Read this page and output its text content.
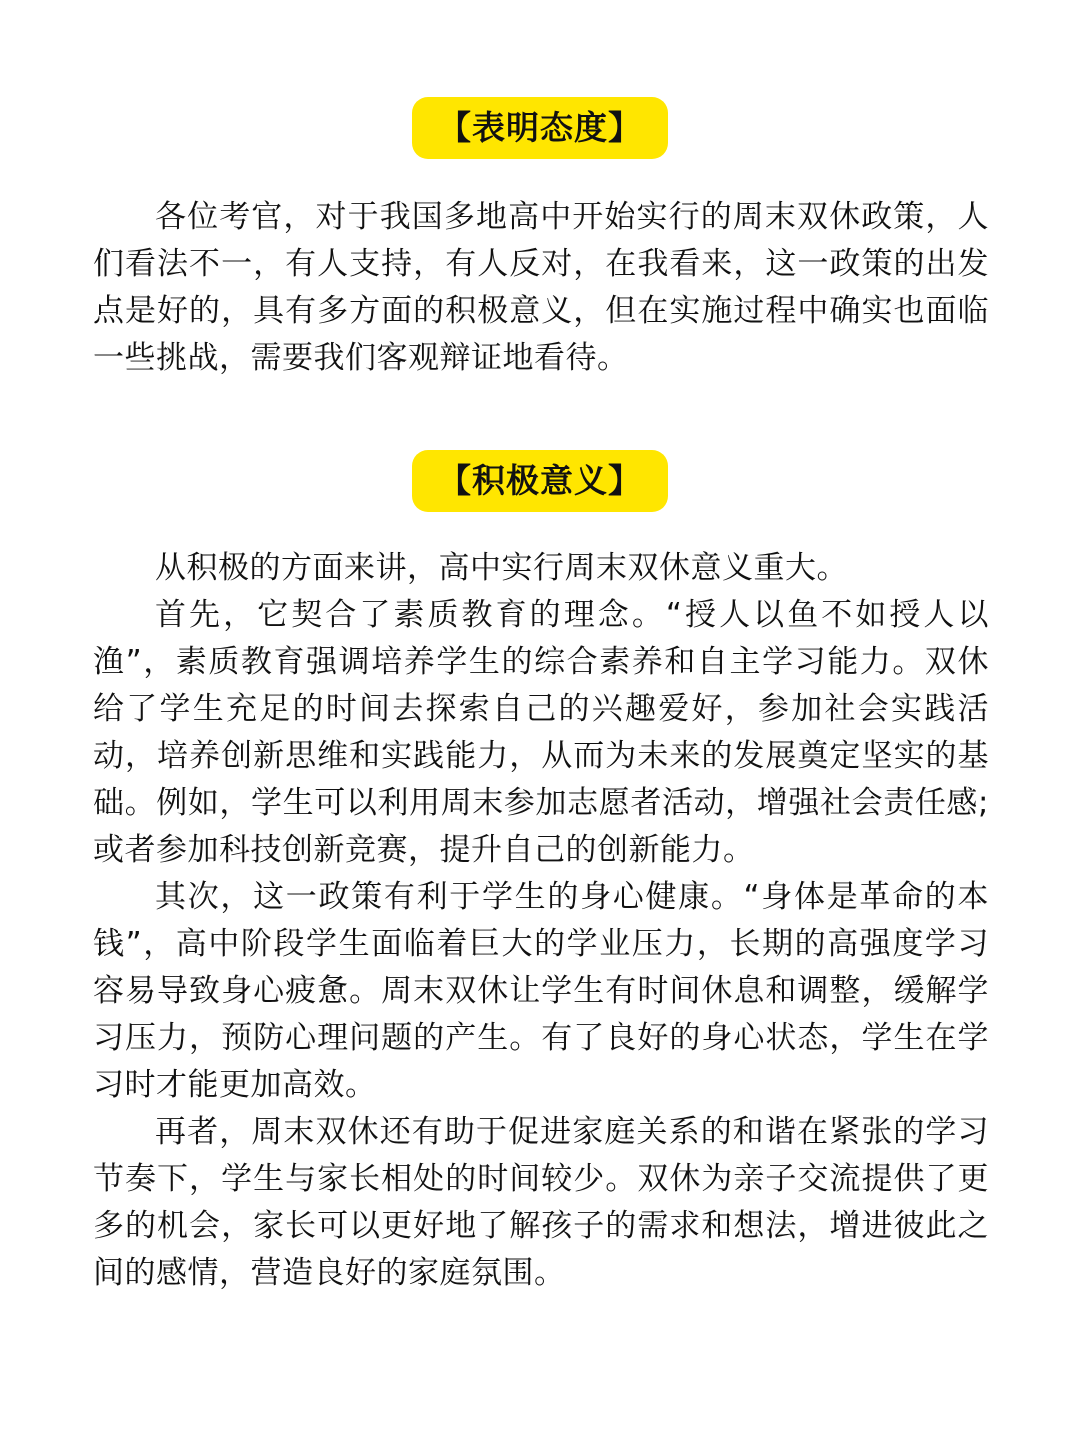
【表明态度】

各位考官，对于我国多地高中开始实行的周末双休政策，人们看法不一，有人支持，有人反对，在我看来，这一政策的出发点是好的，具有多方面的积极意义，但在实施过程中确实也面临一些挑战，需要我们客观辩证地看待。

【积极意义】

从积极的方面来讲，高中实行周末双休意义重大。

首先，它契合了素质教育的理念。“授人以鱼不如授人以渔”，素质教育强调培养学生的综合素养和自主学习能力。双休给了学生充足的时间去探索自己的兴趣爱好，参加社会实践活动，培养创新思维和实践能力，从而为未来的发展奠定坚实的基础。例如，学生可以利用周末参加志愿者活动，增强社会责任感;或者参加科技创新竞赛，提升自己的创新能力。

其次，这一政策有利于学生的身心健康。“身体是革命的本钱”，高中阶段学生面临着巨大的学业压力，长期的高强度学习容易导致身心疲惫。周末双休让学生有时间休息和调整，缓解学习压力，预防心理问题的产生。有了良好的身心状态，学生在学习时才能更加高效。

再者，周末双休还有助于促进家庭关系的和谐在紧张的学习节奏下，学生与家长相处的时间较少。双休为亲子交流提供了更多的机会，家长可以更好地了解孩子的需求和想法，增进彼此之间的感情，营造良好的家庭氛围。
